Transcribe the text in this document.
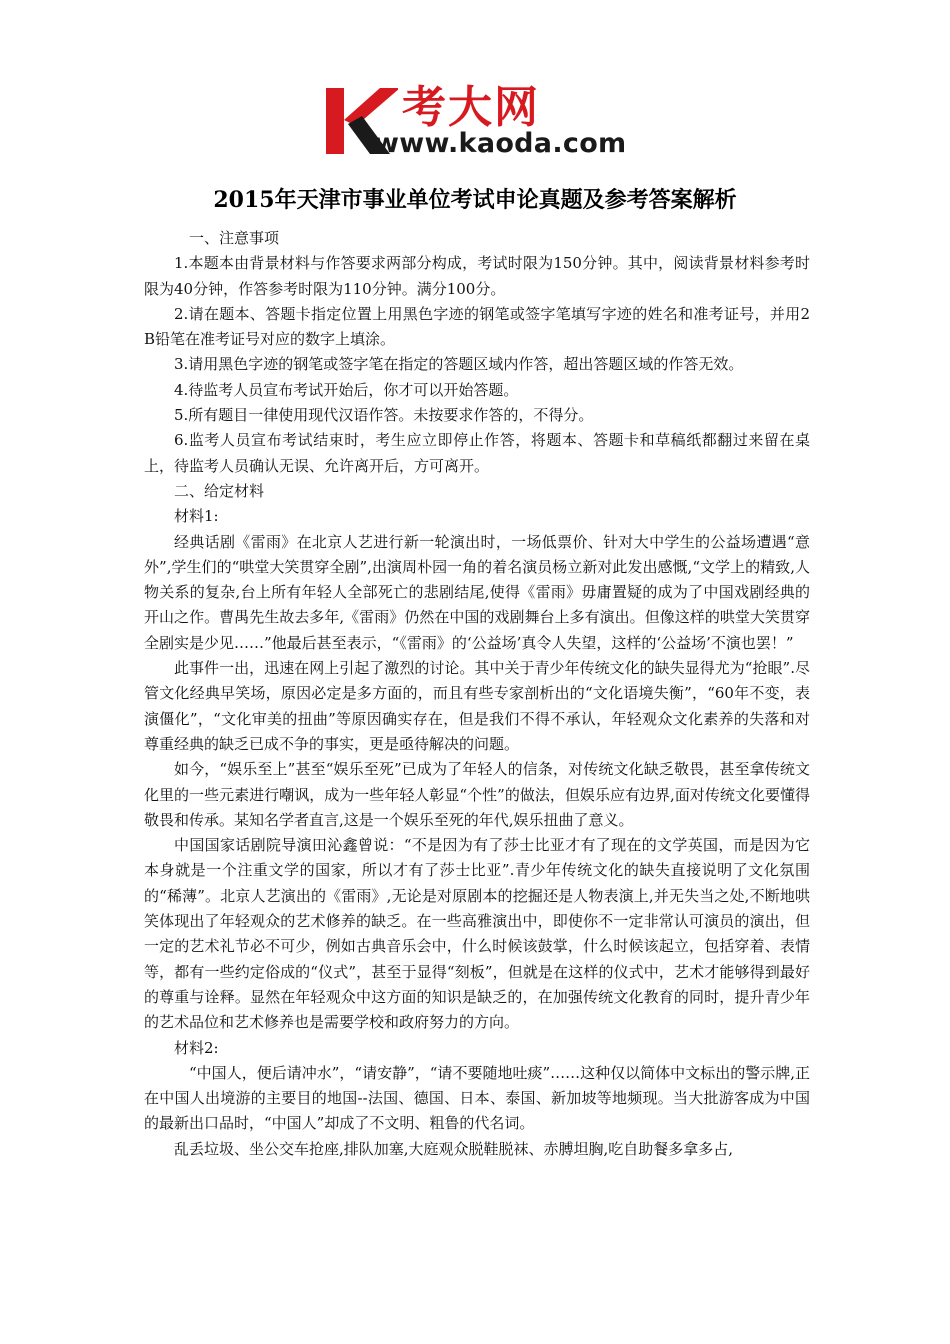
考大网
www.kaoda.com
2015年天津市事业单位考试申论真题及参考答案解析

一、注意事项

1.本题本由背景材料与作答要求两部分构成，考试时限为150分钟。其中，阅读背景材料参考时限为40分钟，作答参考时限为110分钟。满分100分。

2.请在题本、答题卡指定位置上用黑色字迹的钢笔或签字笔填写字迹的姓名和准考证号，并用2 B铅笔在准考证号对应的数字上填涂。

3.请用黑色字迹的钢笔或签字笔在指定的答题区域内作答，超出答题区域的作答无效。

4.待监考人员宣布考试开始后，你才可以开始答题。

5.所有题目一律使用现代汉语作答。未按要求作答的，不得分。

6.监考人员宣布考试结束时，考生应立即停止作答，将题本、答题卡和草稿纸都翻过来留在桌上，待监考人员确认无误、允许离开后，方可离开。

二、给定材料

材料1:

经典话剧《雷雨》在北京人艺进行新一轮演出时，一场低票价、针对大中学生的公益场遭遇“意外”,学生们的“哄堂大笑贯穿全剧”,出演周朴园一角的着名演员杨立新对此发出感慨,“文学上的精致,人物关系的复杂,台上所有年轻人全部死亡的悲剧结尾,使得《雷雨》毋庸置疑的成为了中国戏剧经典的开山之作。曹禺先生故去多年,《雷雨》仍然在中国的戏剧舞台上多有演出。但像这样的哄堂大笑贯穿全剧实是少见……”他最后甚至表示，“《雷雨》的‘公益场’真令人失望，这样的‘公益场’不演也罢！”

此事件一出，迅速在网上引起了激烈的讨论。其中关于青少年传统文化的缺失显得尤为“抢眼”.尽管文化经典早笑场，原因必定是多方面的，而且有些专家剖析出的“文化语境失衡”，“60年不变，表演僵化”，“文化审美的扭曲”等原因确实存在，但是我们不得不承认，年轻观众文化素养的失落和对尊重经典的缺乏已成不争的事实，更是亟待解决的问题。

如今，“娱乐至上”甚至“娱乐至死”已成为了年轻人的信条，对传统文化缺乏敬畏，甚至拿传统文化里的一些元素进行嘲讽，成为一些年轻人彰显“个性”的做法，但娱乐应有边界,面对传统文化要懂得敬畏和传承。某知名学者直言,这是一个娱乐至死的年代,娱乐扭曲了意义。

中国国家话剧院导演田沁鑫曾说：“不是因为有了莎士比亚才有了现在的文学英国，而是因为它本身就是一个注重文学的国家，所以才有了莎士比亚”.青少年传统文化的缺失直接说明了文化氛围的“稀薄”。北京人艺演出的《雷雨》,无论是对原剧本的挖掘还是人物表演上,并无失当之处,不断地哄笑体现出了年轻观众的艺术修养的缺乏。在一些高雅演出中，即使你不一定非常认可演员的演出，但一定的艺术礼节必不可少，例如古典音乐会中，什么时候该鼓掌，什么时候该起立，包括穿着、表情等，都有一些约定俗成的“仪式”，甚至于显得“刻板”，但就是在这样的仪式中，艺术才能够得到最好的尊重与诠释。显然在年轻观众中这方面的知识是缺乏的，在加强传统文化教育的同时，提升青少年的艺术品位和艺术修养也是需要学校和政府努力的方向。

材料2:

“中国人，便后请冲水”，“请安静”，“请不要随地吐痰”……这种仅以简体中文标出的警示牌,正在中国人出境游的主要目的地国--法国、德国、日本、泰国、新加坡等地频现。当大批游客成为中国的最新出口品时，“中国人”却成了不文明、粗鲁的代名词。

乱丢垃圾、坐公交车抢座,排队加塞,大庭观众脱鞋脱袜、赤膊坦胸,吃自助餐多拿多占,
